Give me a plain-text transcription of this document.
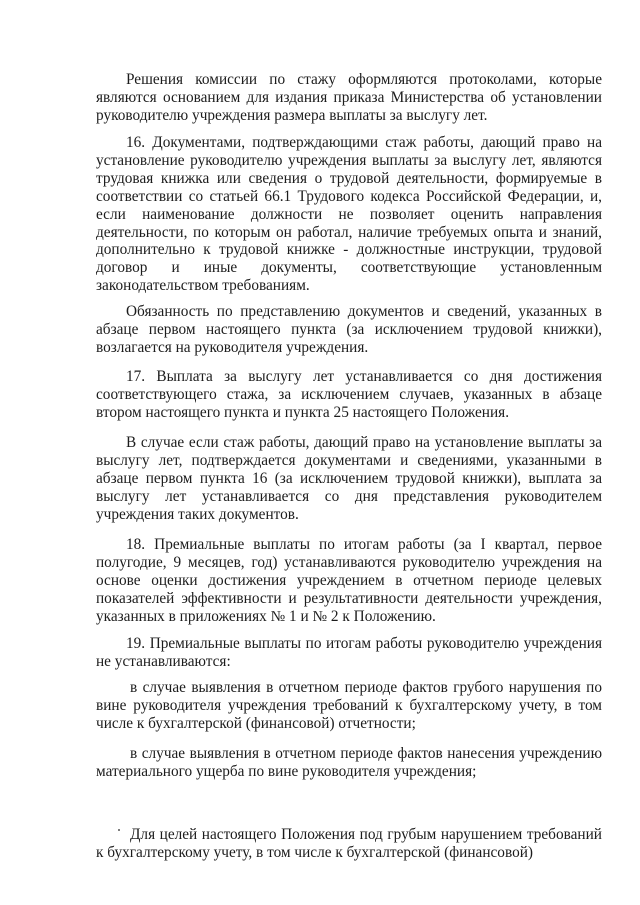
Решения комиссии по стажу оформляются протоколами, которые являются основанием для издания приказа Министерства об установлении руководителю учреждения размера выплаты за выслугу лет.

16. Документами, подтверждающими стаж работы, дающий право на установление руководителю учреждения выплаты за выслугу лет, являются трудовая книжка или сведения о трудовой деятельности, формируемые в соответствии со статьей 66.1 Трудового кодекса Российской Федерации, и, если наименование должности не позволяет оценить направления деятельности, по которым он работал, наличие требуемых опыта и знаний, дополнительно к трудовой книжке - должностные инструкции, трудовой договор и иные документы, соответствующие установленным законодательством требованиям.

Обязанность по представлению документов и сведений, указанных в абзаце первом настоящего пункта (за исключением трудовой книжки), возлагается на руководителя учреждения.

17. Выплата за выслугу лет устанавливается со дня достижения соответствующего стажа, за исключением случаев, указанных в абзаце втором настоящего пункта и пункта 25 настоящего Положения.

В случае если стаж работы, дающий право на установление выплаты за выслугу лет, подтверждается документами и сведениями, указанными в абзаце первом пункта 16 (за исключением трудовой книжки), выплата за выслугу лет устанавливается со дня представления руководителем учреждения таких документов.

18. Премиальные выплаты по итогам работы (за I квартал, первое полугодие, 9 месяцев, год) устанавливаются руководителю учреждения на основе оценки достижения учреждением в отчетном периоде целевых показателей эффективности и результативности деятельности учреждения, указанных в приложениях № 1 и № 2 к Положению.

19. Премиальные выплаты по итогам работы руководителю учреждения не устанавливаются:

в случае выявления в отчетном периоде фактов грубого нарушения по вине руководителя учреждения требований к бухгалтерскому учету, в том числе к бухгалтерской (финансовой) отчетности;

в случае выявления в отчетном периоде фактов нанесения учреждению материального ущерба по вине руководителя учреждения;

Для целей настоящего Положения под грубым нарушением требований к бухгалтерскому учету, в том числе к бухгалтерской (финансовой)
